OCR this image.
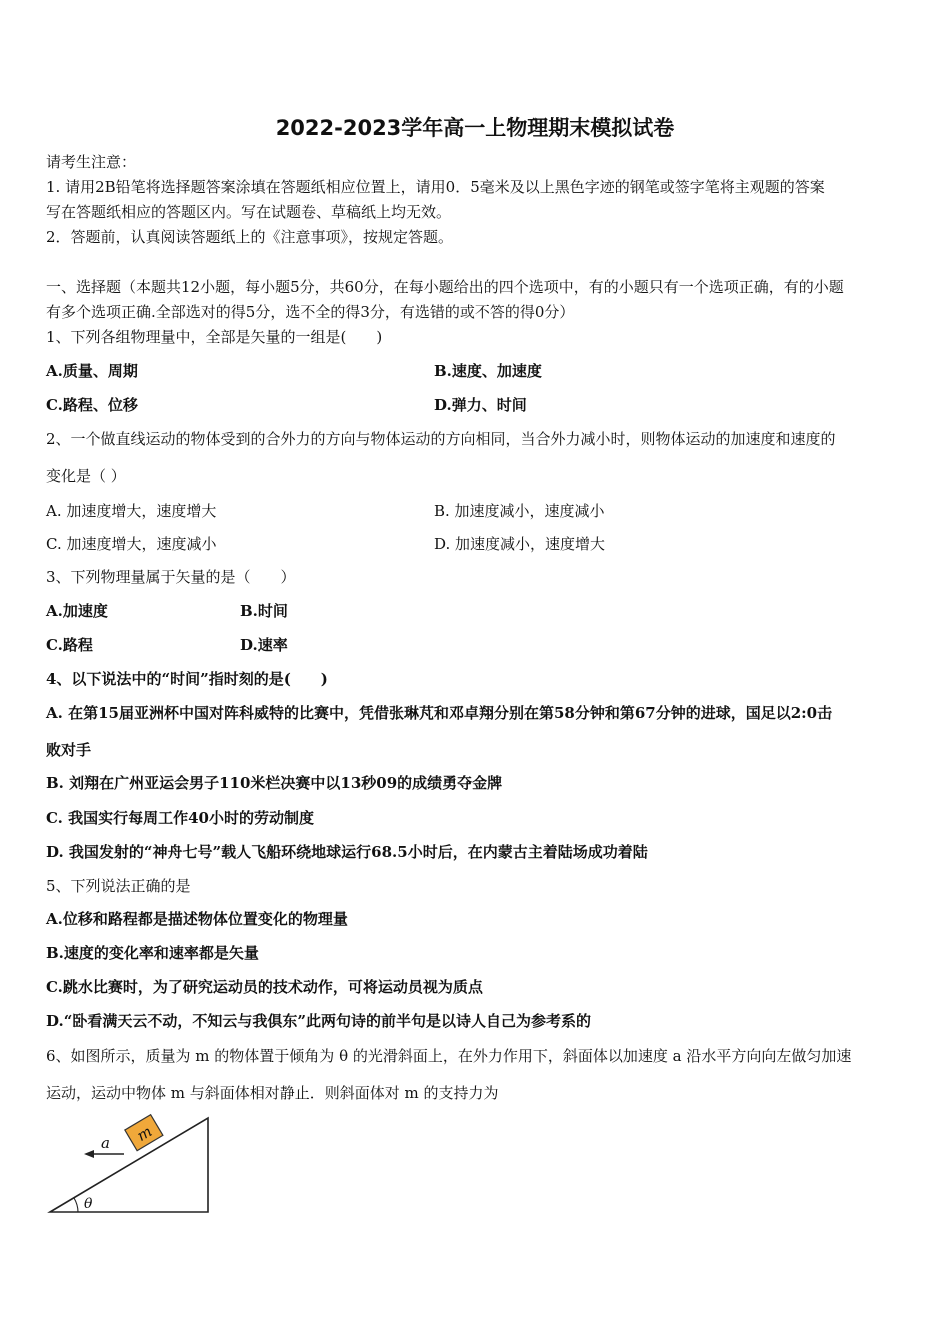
2022-2023学年高一上物理期末模拟试卷
请考生注意：
1. 请用2B铅笔将选择题答案涂填在答题纸相应位置上，请用0．5毫米及以上黑色字迹的钢笔或签字笔将主观题的答案
写在答题纸相应的答题区内。写在试题卷、草稿纸上均无效。
2．答题前，认真阅读答题纸上的《注意事项》，按规定答题。
一、选择题（本题共12小题，每小题5分，共60分，在每小题给出的四个选项中，有的小题只有一个选项正确，有的小题
有多个选项正确.全部选对的得5分，选不全的得3分，有选错的或不答的得0分）
1、下列各组物理量中，全部是矢量的一组是(　　)
A.质量、周期	B.速度、加速度
C.路程、位移	D.弹力、时间
2、一个做直线运动的物体受到的合外力的方向与物体运动的方向相同，当合外力减小时，则物体运动的加速度和速度的
变化是（ ）
A. 加速度增大，速度增大	B. 加速度减小，速度减小
C. 加速度增大，速度减小	D. 加速度减小，速度增大
3、下列物理量属于矢量的是（　　）
A.加速度	B.时间
C.路程	D.速率
4、以下说法中的“时间”指时刻的是(　　)
A. 在第15届亚洲杯中国对阵科威特的比赛中，凭借张琳芃和邓卓翔分别在第58分钟和第67分钟的进球，国足以2:0击
败对手
B. 刘翔在广州亚运会男子110米栏决赛中以13秒09的成绩勇夺金牌
C. 我国实行每周工作40小时的劳动制度
D. 我国发射的“神舟七号”载人飞船环绕地球运行68.5小时后，在内蒙古主着陆场成功着陆
5、下列说法正确的是
A.位移和路程都是描述物体位置变化的物理量
B.速度的变化率和速率都是矢量
C.跳水比赛时，为了研究运动员的技术动作，可将运动员视为质点
D.“卧看满天云不动，不知云与我俱东”此两句诗的前半句是以诗人自己为参考系的
6、如图所示，质量为 m 的物体置于倾角为 θ 的光滑斜面上，在外力作用下，斜面体以加速度 a 沿水平方向向左做匀加速
运动，运动中物体 m 与斜面体相对静止．则斜面体对 m 的支持力为
m
a
θ
